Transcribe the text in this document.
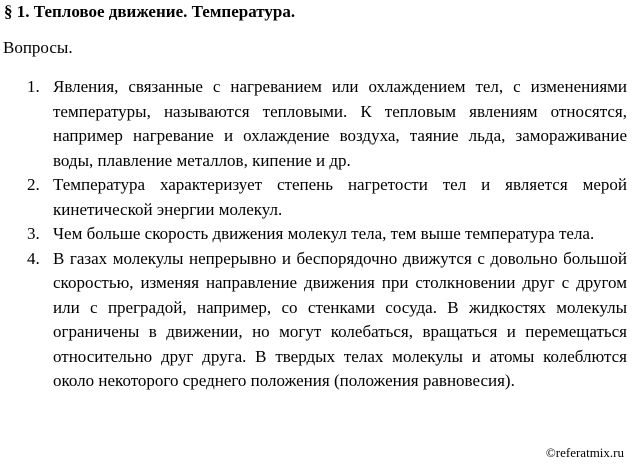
§ 1. Тепловое движение. Температура.
Вопросы.
1. Явления, связанные с нагреванием или охлаждением тел, с изменениями температуры, называются тепловыми. К тепловым явлениям относятся, например нагревание и охлаждение воздуха, таяние льда, замораживание воды, плавление металлов, кипение и др.
2. Температура характеризует степень нагретости тел и является мерой кинетической энергии молекул.
3. Чем больше скорость движения молекул тела, тем выше температура тела.
4. В газах молекулы непрерывно и беспорядочно движутся с довольно большой скоростью, изменяя направление движения при столкновении друг с другом или с преградой, например, со стенками сосуда. В жидкостях молекулы ограничены в движении, но могут колебаться, вращаться и перемещаться относительно друг друга. В твердых телах молекулы и атомы колеблются около некоторого среднего положения (положения равновесия).
©referatmix.ru
